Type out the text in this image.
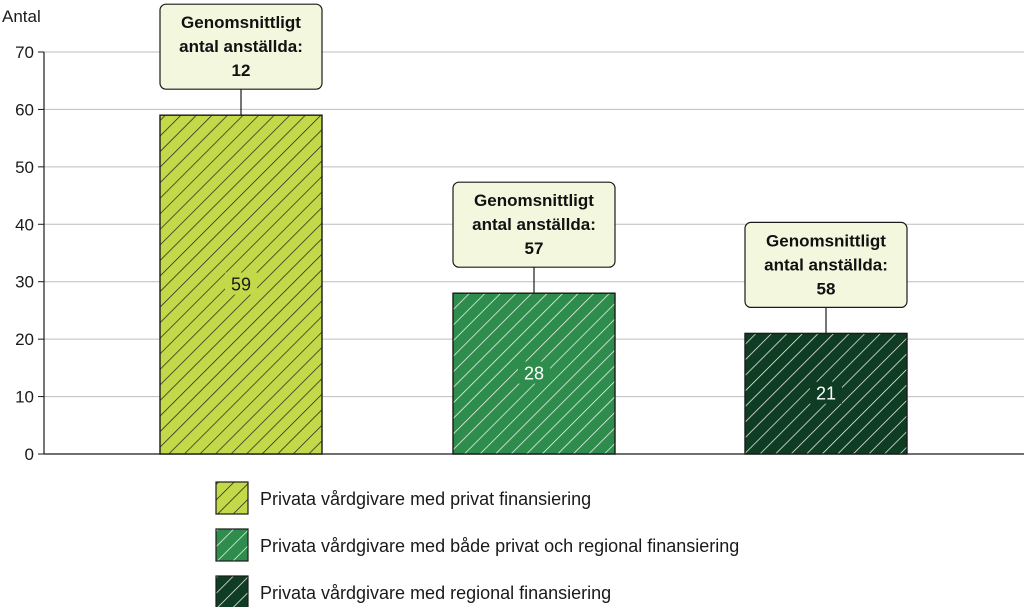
Antal
0
10
20
30
40
50
60
70
59
28
21
Genomsnittligt
antal anställda:
12
Genomsnittligt
antal anställda:
57	Genomsnittligt
antal anställda:
58
Privata vårdgivare med privat finansiering
Privata vårdgivare med både privat och regional finansiering
Privata vårdgivare med regional finansiering
